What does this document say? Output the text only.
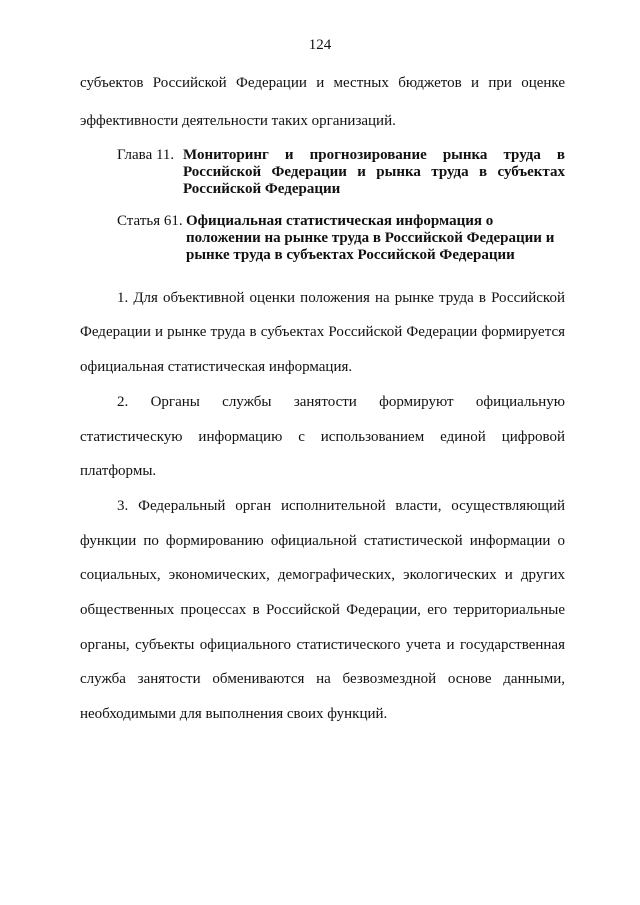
124
субъектов Российской Федерации и местных бюджетов и при оценке
эффективности деятельности таких организаций.
Глава 11. Мониторинг и прогнозирование рынка труда в
Российской Федерации и рынка труда в субъектах
Российской Федерации
Статья 61. Официальная статистическая информация о
положении на рынке труда в Российской Федерации и
рынке труда в субъектах Российской Федерации
1. Для объективной оценки положения на рынке труда в Российской
Федерации и рынке труда в субъектах Российской Федерации формируется
официальная статистическая информация.
2. Органы службы занятости формируют официальную
статистическую информацию с использованием единой цифровой
платформы.
3. Федеральный орган исполнительной власти, осуществляющий
функции по формированию официальной статистической информации о
социальных, экономических, демографических, экологических и других
общественных процессах в Российской Федерации, его территориальные
органы, субъекты официального статистического учета и государственная
служба занятости обмениваются на безвозмездной основе данными,
необходимыми для выполнения своих функций.
